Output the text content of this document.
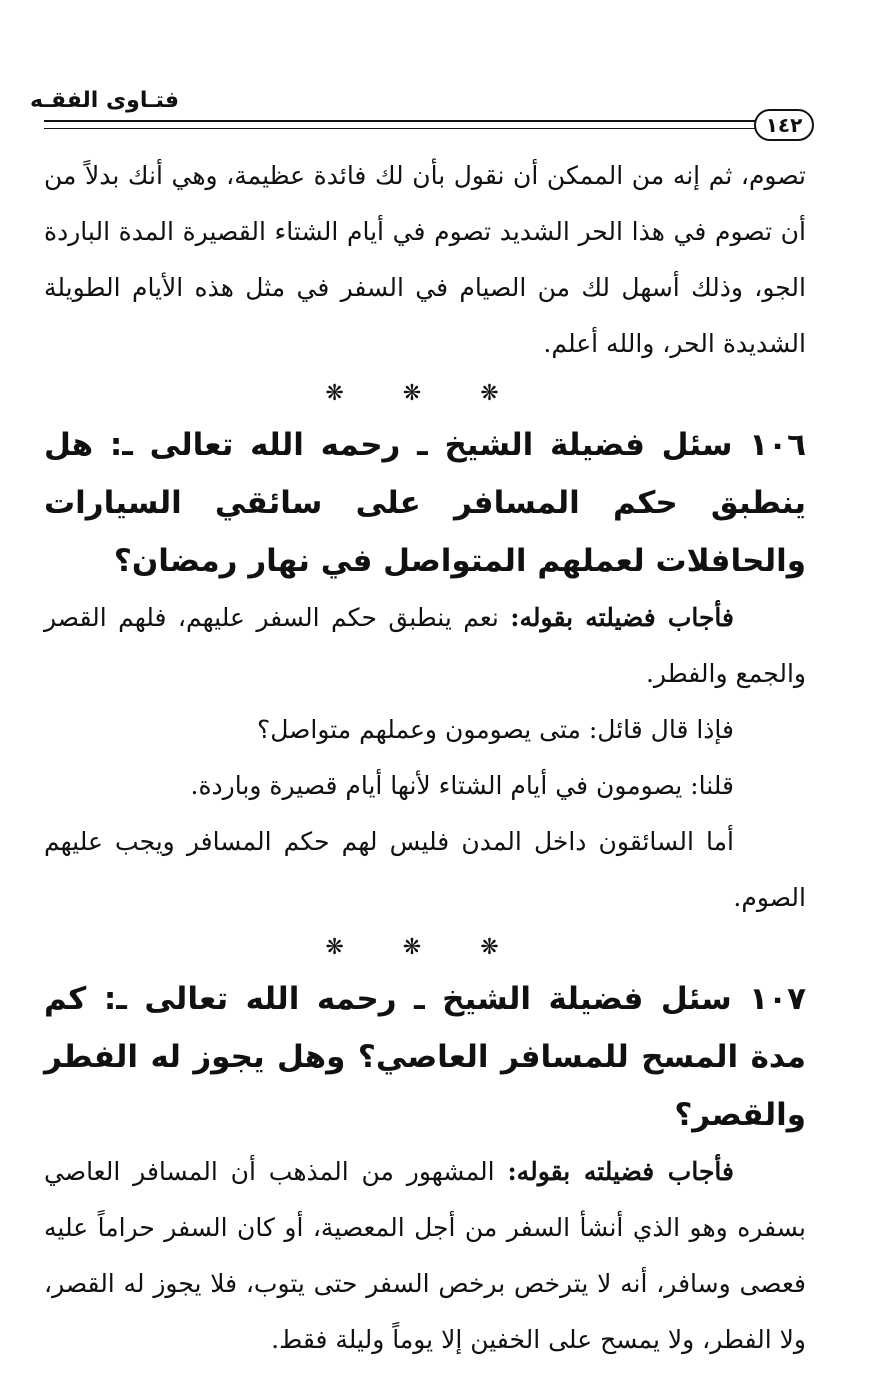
فتـاوى الفقـه
١٤٢

تصوم، ثم إنه من الممكن أن نقول بأن لك فائدة عظيمة، وهي أنك بدلاً من أن تصوم في هذا الحر الشديد تصوم في أيام الشتاء القصيرة المدة الباردة الجو، وذلك أسهل لك من الصيام في السفر في مثل هذه الأيام الطويلة الشديدة الحر، والله أعلم.

❋ ❋ ❋

١٠٦ سئل فضيلة الشيخ ـ رحمه الله تعالى ـ: هل ينطبق حكم المسافر على سائقي السيارات والحافلات لعملهم المتواصل في نهار رمضان؟

فأجاب فضيلته بقوله: نعم ينطبق حكم السفر عليهم، فلهم القصر والجمع والفطر.

فإذا قال قائل: متى يصومون وعملهم متواصل؟

قلنا: يصومون في أيام الشتاء لأنها أيام قصيرة وباردة.

أما السائقون داخل المدن فليس لهم حكم المسافر ويجب عليهم الصوم.

❋ ❋ ❋

١٠٧ سئل فضيلة الشيخ ـ رحمه الله تعالى ـ: كم مدة المسح للمسافر العاصي؟ وهل يجوز له الفطر والقصر؟

فأجاب فضيلته بقوله: المشهور من المذهب أن المسافر العاصي بسفره وهو الذي أنشأ السفر من أجل المعصية، أو كان السفر حراماً عليه فعصى وسافر، أنه لا يترخص برخص السفر حتى يتوب، فلا يجوز له القصر، ولا الفطر، ولا يمسح على الخفين إلا يوماً وليلة فقط.
